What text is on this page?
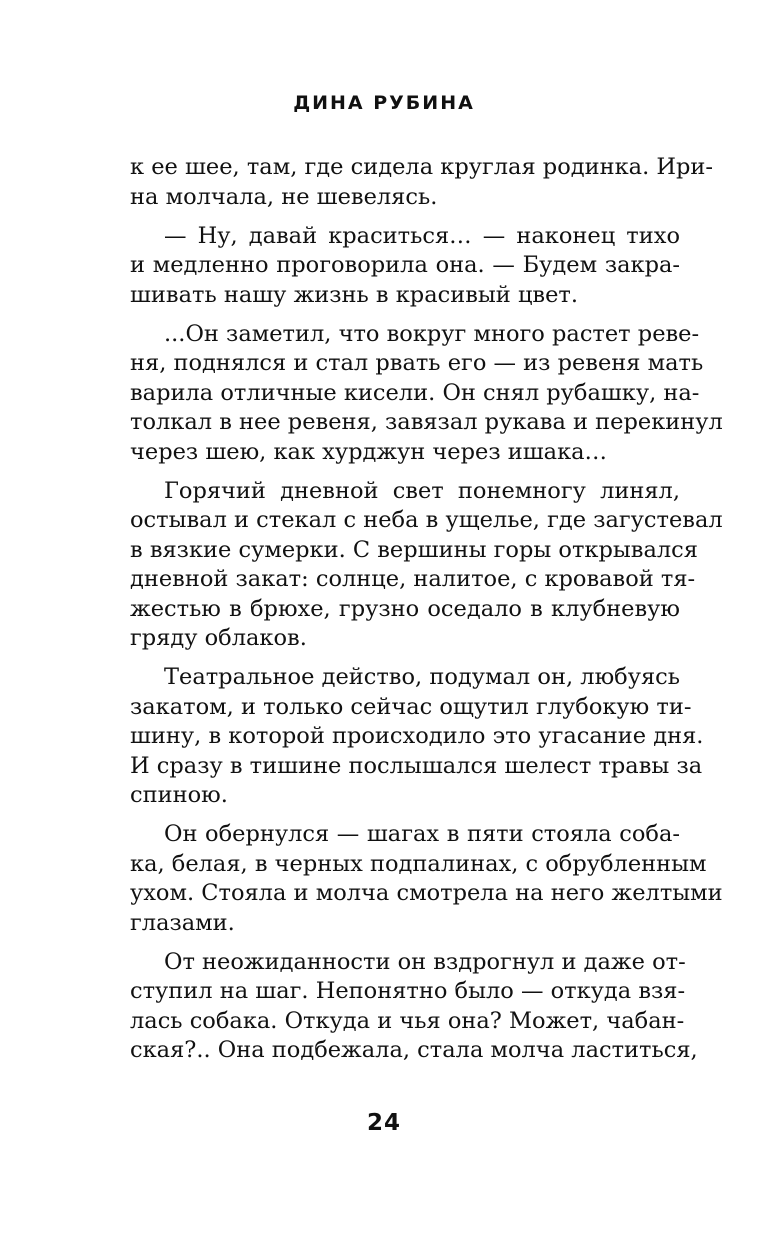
ДИНА РУБИНА
к ее шее, там, где сидела круглая родинка. Ири-
на молчала, не шевелясь.
— Ну, давай краситься… — наконец тихо
и медленно проговорила она. — Будем закра-
шивать нашу жизнь в красивый цвет.
...Он заметил, что вокруг много растет реве-
ня, поднялся и стал рвать его — из ревеня мать
варила отличные кисели. Он снял рубашку, на-
толкал в нее ревеня, завязал рукава и перекинул
через шею, как хурджун через ишака…
Горячий дневной свет понемногу линял,
остывал и стекал с неба в ущелье, где загустевал
в вязкие сумерки. С вершины горы открывался
дневной закат: солнце, налитое, с кровавой тя-
жестью в брюхе, грузно оседало в клубневую
гряду облаков.
Театральное действо, подумал он, любуясь
закатом, и только сейчас ощутил глубокую ти-
шину, в которой происходило это угасание дня.
И сразу в тишине послышался шелест травы за
спиною.
Он обернулся — шагах в пяти стояла соба-
ка, белая, в черных подпалинах, с обрубленным
ухом. Стояла и молча смотрела на него желтыми
глазами.
От неожиданности он вздрогнул и даже от-
ступил на шаг. Непонятно было — откуда взя-
лась собака. Откуда и чья она? Может, чабан-
ская?.. Она подбежала, стала молча ластиться,
24
